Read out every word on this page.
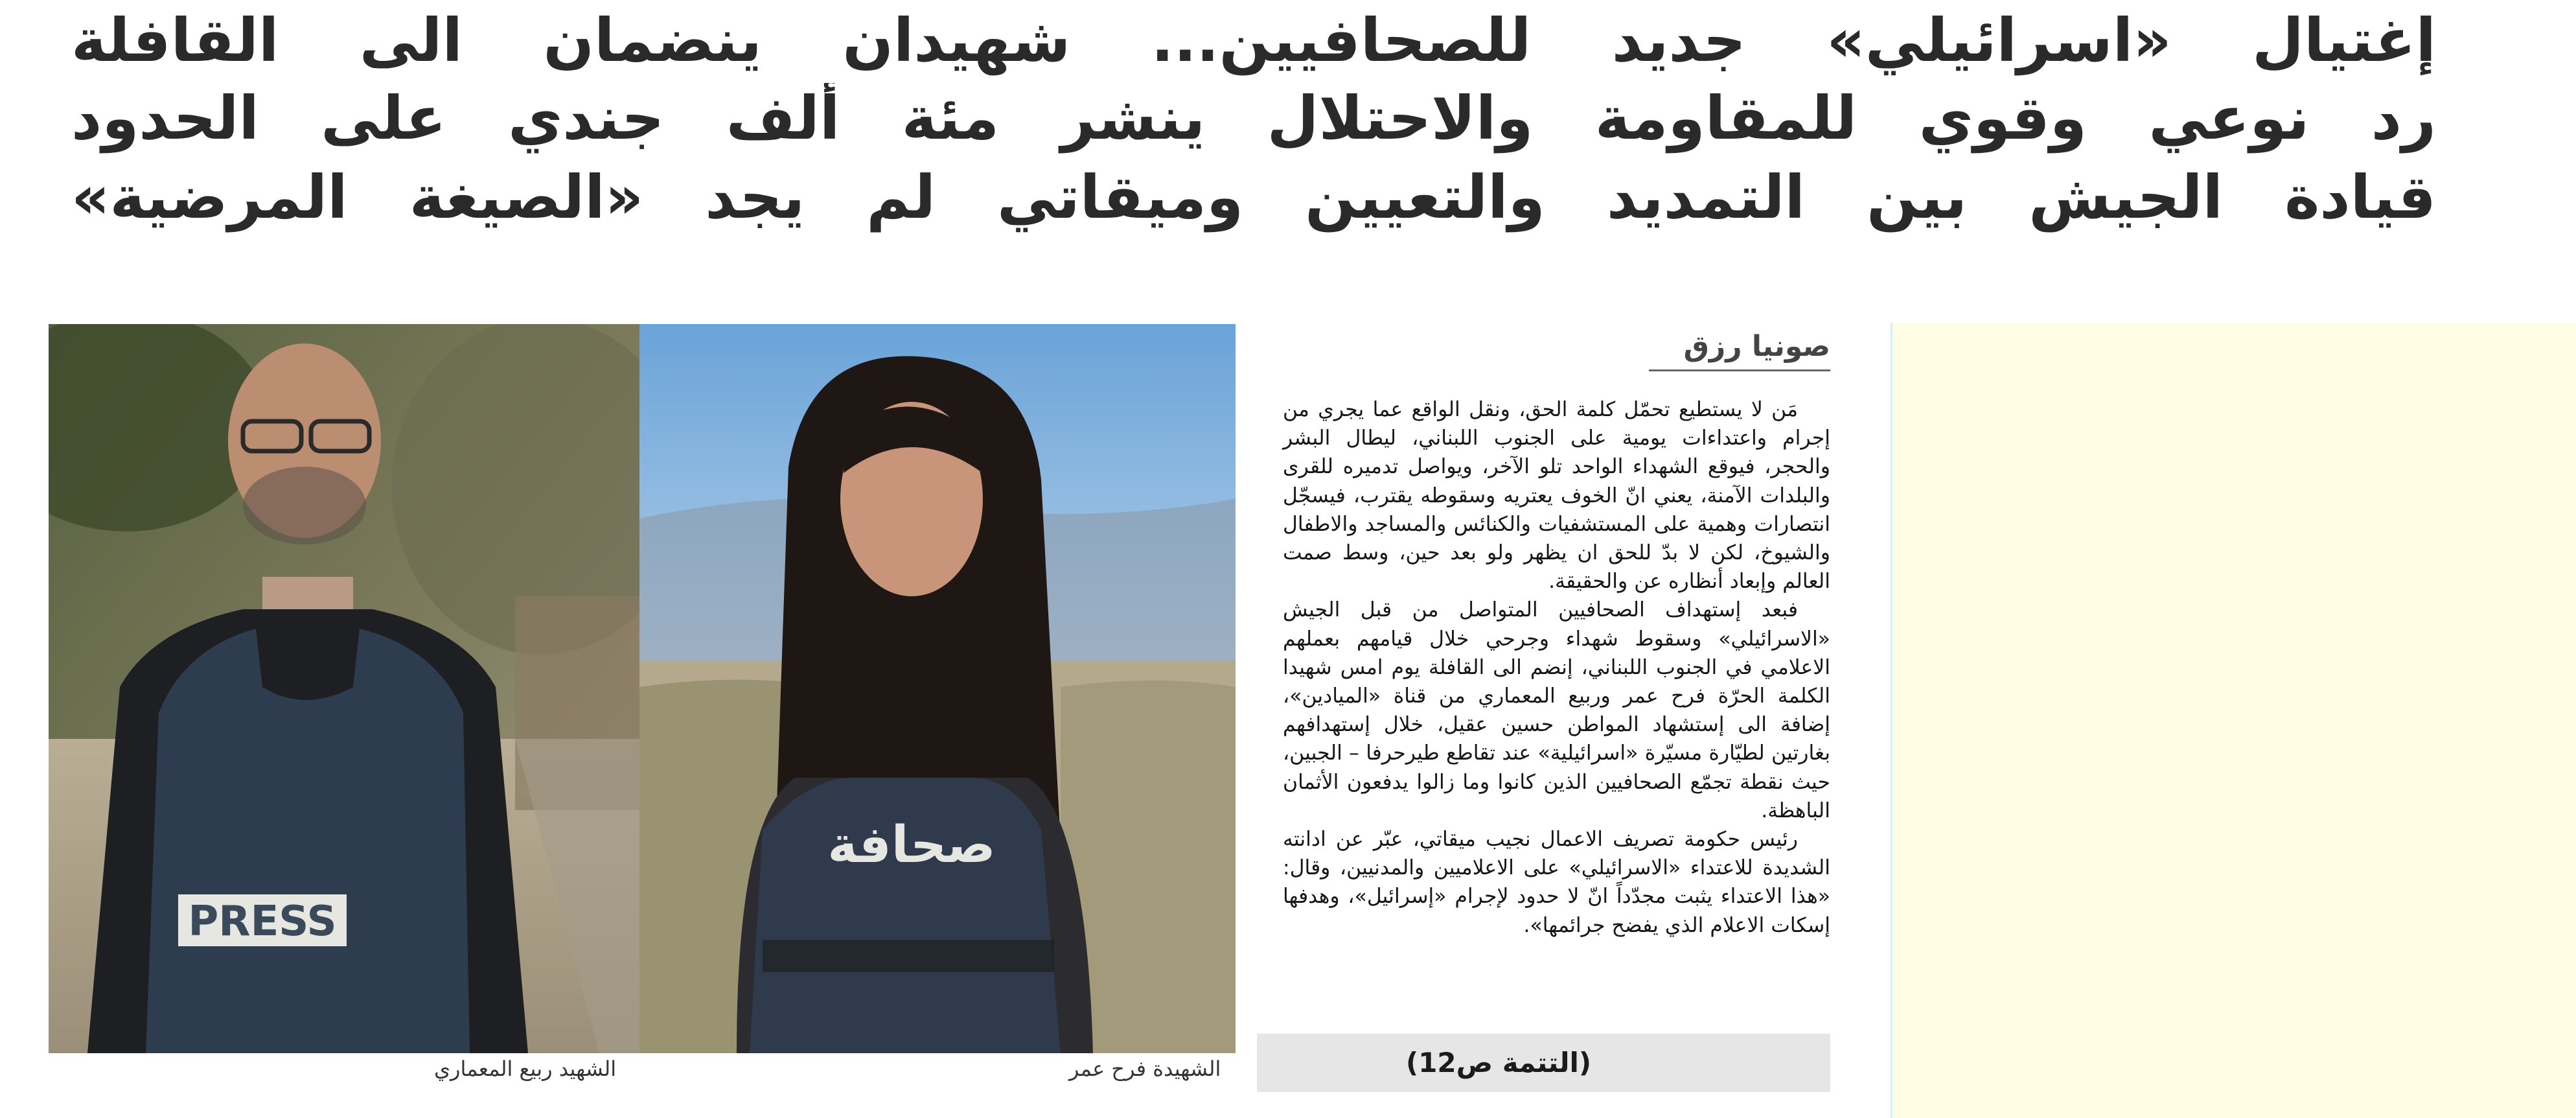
إغتيال «اسرائيلي» جديد للصحافيين... شهيدان ينضمان الى القافلة
رد نوعي وقوي للمقاومة والاحتلال ينشر مئة ألف جندي على الحدود
قيادة الجيش بين التمديد والتعيين وميقاتي لم يجد «الصيغة المرضية»
صونيا رزق

مَن لا يستطيع تحمّل كلمة الحق، ونقل الواقع عما يجري من إجرام واعتداءات يومية على الجنوب اللبناني، ليطال البشر والحجر، فيوقع الشهداء الواحد تلو الآخر، ويواصل تدميره للقرى والبلدات الآمنة، يعني انّ الخوف يعتريه وسقوطه يقترب، فيسجّل انتصارات وهمية على المستشفيات والكنائس والمساجد والاطفال والشيوخ، لكن لا بدّ للحق ان يظهر ولو بعد حين، وسط صمت العالم وإبعاد أنظاره عن والحقيقة.

فبعد إستهداف الصحافيين المتواصل من قبل الجيش «الاسرائيلي» وسقوط شهداء وجرحي خلال قيامهم بعملهم الاعلامي في الجنوب اللبناني، إنضم الى القافلة يوم امس شهيدا الكلمة الحرّة فرح عمر وربيع المعماري من قناة «الميادين»، إضافة الى إستشهاد المواطن حسين عقيل، خلال إستهدافهم بغارتين لطيّارة مسيّرة «اسرائيلية» عند تقاطع طيرحرفا – الجبين، حيث نقطة تجمّع الصحافيين الذين كانوا وما زالوا يدفعون الأثمان الباهظة.

رئيس حكومة تصريف الاعمال نجيب ميقاتي، عبّر عن ادانته الشديدة للاعتداء «الاسرائيلي» على الاعلاميين والمدنيين، وقال: «هذا الاعتداء يثبت مجدّداً انّ لا حدود لإجرام «إسرائيل»، وهدفها إسكات الاعلام الذي يفضح جرائمها».

(التتمة ص12)
PRESS
صحافة
الشهيد ربيع المعماري	الشهيدة فرح عمر
